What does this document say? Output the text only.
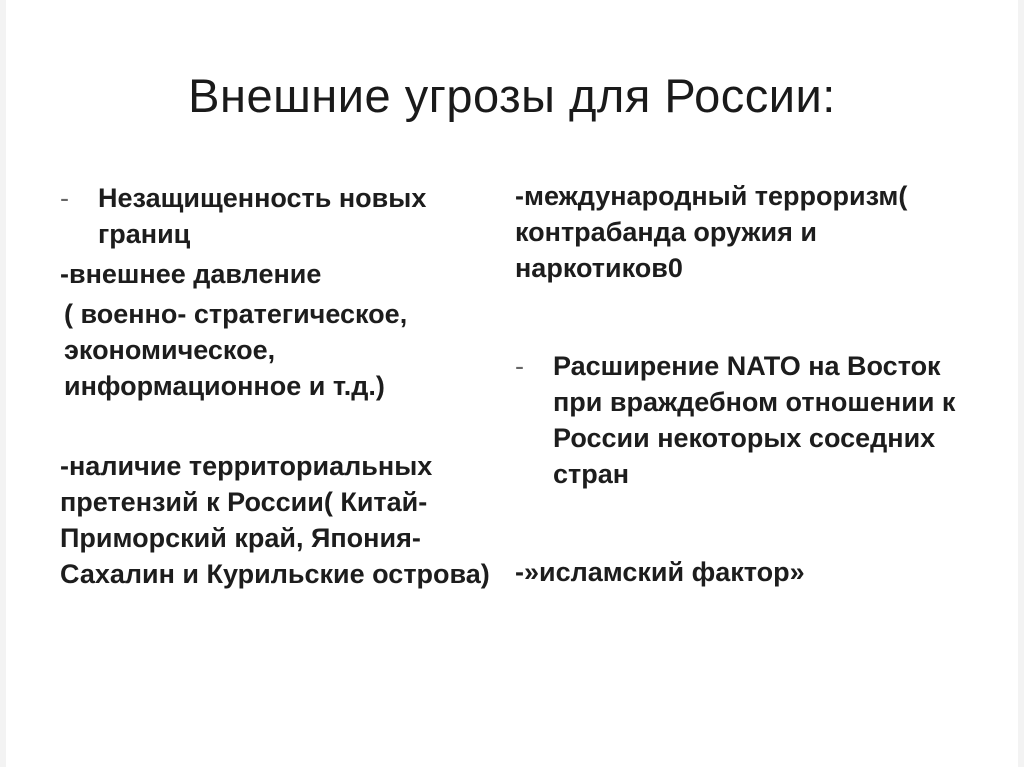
Внешние угрозы для России:
-	Незащищенность новых границ

-внешнее давление

( военно- стратегическое, экономическое, информационное и т.д.)

-наличие территориальных претензий к России( Китай-Приморский край, Япония-Сахалин и Курильские острова)

-международный терроризм( контрабанда оружия и наркотиков0

-	Расширение NATO на Восток при враждебном отношении к России некоторых соседних стран

-»исламский фактор»
